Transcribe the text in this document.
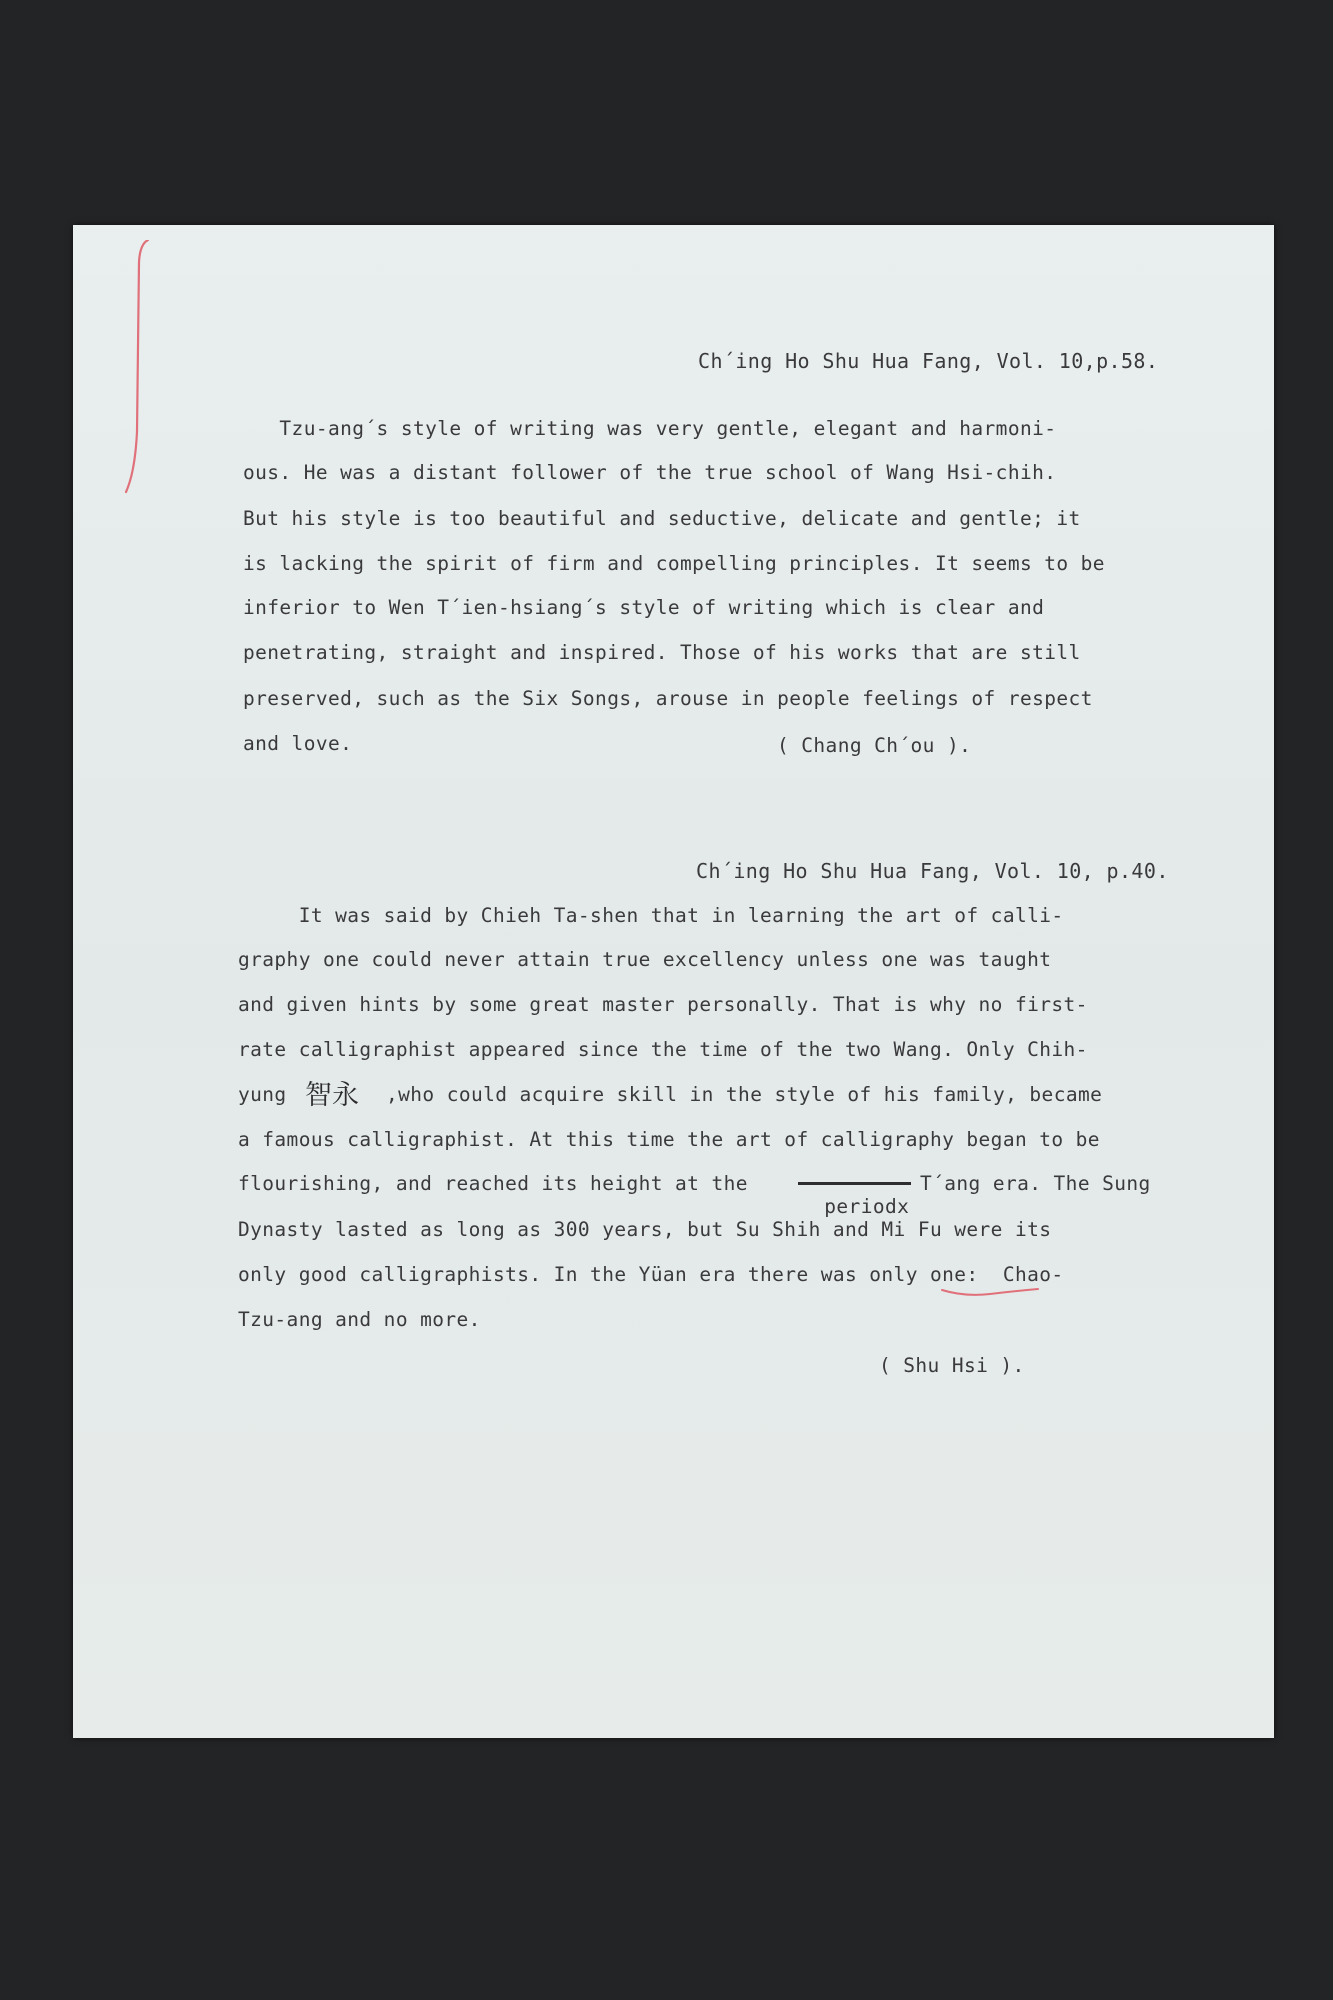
Ch´ing Ho Shu Hua Fang, Vol. 10,p.58.
Tzu-ang´s style of writing was very gentle, elegant and harmoni-
ous. He was a distant follower of the true school of Wang Hsi-chih.
But his style is too beautiful and seductive, delicate and gentle; it
is lacking the spirit of firm and compelling principles. It seems to be
inferior to Wen T´ien-hsiang´s style of writing which is clear and
penetrating, straight and inspired. Those of his works that are still
preserved, such as the Six Songs, arouse in people feelings of respect
and love.	( Chang Ch´ou ).
Ch´ing Ho Shu Hua Fang, Vol. 10, p.40.
It was said by Chieh Ta-shen that in learning the art of calli-
graphy one could never attain true excellency unless one was taught
and given hints by some great master personally. That is why no first-
rate calligraphist appeared since the time of the two Wang. Only Chih-
yung 智永 ,who could acquire skill in the style of his family, became
a famous calligraphist. At this time the art of calligraphy began to be
flourishing, and reached its height at the

periodx

T´ang era. The Sung
Dynasty lasted as long as 300 years, but Su Shih and Mi Fu were its
only good calligraphists. In the Yüan era there was only one:  Chao-
Tzu-ang and no more.
( Shu Hsi ).
